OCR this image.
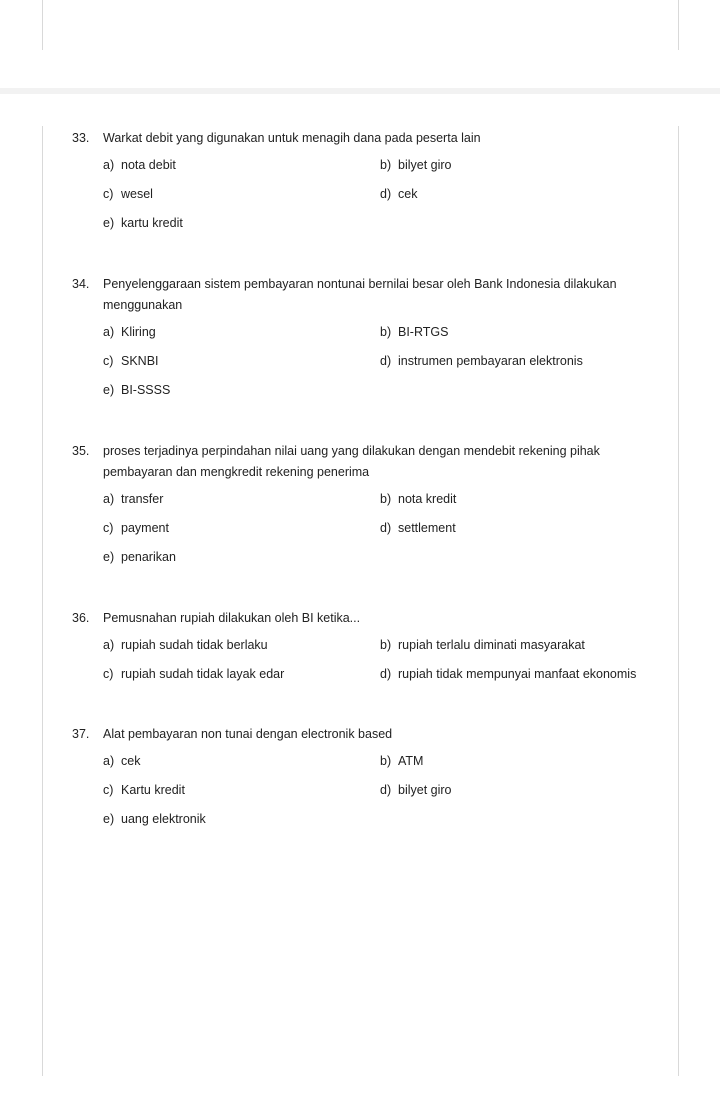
33. Warkat debit yang digunakan untuk menagih dana pada peserta lain
a) nota debit	b) bilyet giro
c) wesel	d) cek
e) kartu kredit
34. Penyelenggaraan sistem pembayaran nontunai bernilai besar oleh Bank Indonesia dilakukan menggunakan
a) Kliring	b) BI-RTGS
c) SKNBI	d) instrumen pembayaran elektronis
e) BI-SSSS
35. proses terjadinya perpindahan nilai uang yang dilakukan dengan mendebit rekening pihak pembayaran dan mengkredit rekening penerima
a) transfer	b) nota kredit
c) payment	d) settlement
e) penarikan
36. Pemusnahan rupiah dilakukan oleh BI ketika...
a) rupiah sudah tidak berlaku	b) rupiah terlalu diminati masyarakat
c) rupiah sudah tidak layak edar	d) rupiah tidak mempunyai manfaat ekonomis
37. Alat pembayaran non tunai dengan electronik based
a) cek	b) ATM
c) Kartu kredit	d) bilyet giro
e) uang elektronik
